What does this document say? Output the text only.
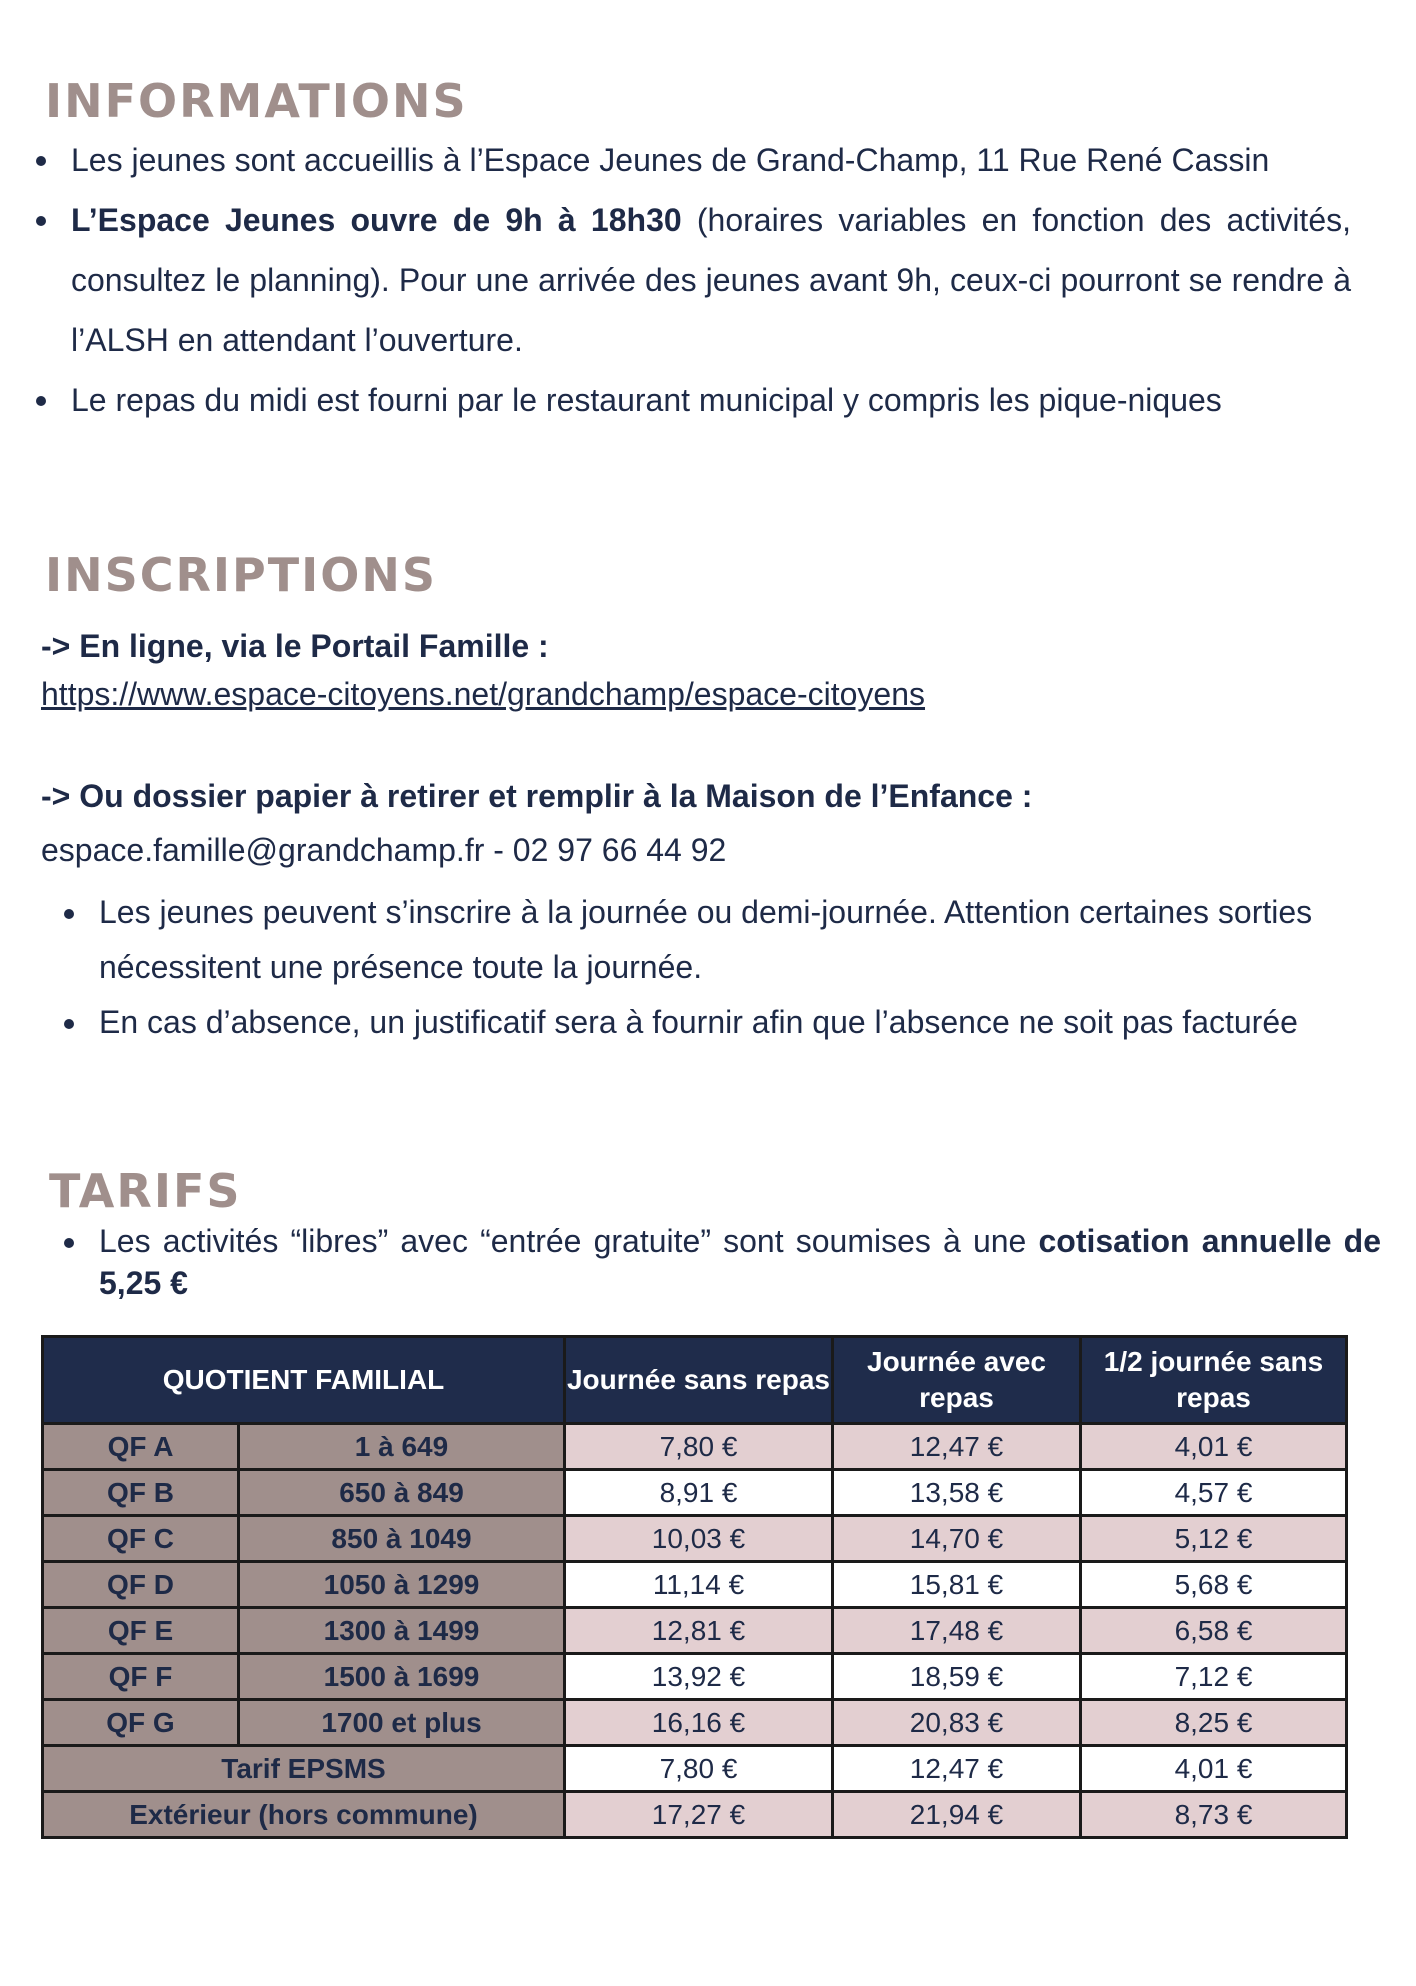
INFORMATIONS
Les jeunes sont accueillis à l’Espace Jeunes de Grand-Champ, 11 Rue René Cassin
L’Espace Jeunes ouvre de 9h à 18h30 (horaires variables en fonction des activités, consultez le planning). Pour une arrivée des jeunes avant 9h, ceux-ci pourront se rendre à l’ALSH en attendant l’ouverture.
Le repas du midi est fourni par le restaurant municipal y compris les pique-niques
INSCRIPTIONS
-> En ligne, via le Portail Famille :
https://www.espace-citoyens.net/grandchamp/espace-citoyens
-> Ou dossier papier à retirer et remplir à la Maison de l’Enfance :
espace.famille@grandchamp.fr - 02 97 66 44 92
Les jeunes peuvent s’inscrire à la journée ou demi-journée. Attention certaines sorties nécessitent une présence toute la journée.
En cas d’absence, un justificatif sera à fournir afin que l’absence ne soit pas facturée
TARIFS
Les activités “libres” avec “entrée gratuite” sont soumises à une cotisation annuelle de 5,25 €
QUOTIENT FAMILIAL		Journée sans repas	Journée avec repas	1/2 journée sans repas
QF A	1 à 649	7,80 €	12,47 €	4,01 €
QF B	650 à 849	8,91 €	13,58 €	4,57 €
QF C	850 à 1049	10,03 €	14,70 €	5,12 €
QF D	1050 à 1299	11,14 €	15,81 €	5,68 €
QF E	1300 à 1499	12,81 €	17,48 €	6,58 €
QF F	1500 à 1699	13,92 €	18,59 €	7,12 €
QF G	1700 et plus	16,16 €	20,83 €	8,25 €
Tarif EPSMS		7,80 €	12,47 €	4,01 €
Extérieur (hors commune)		17,27 €	21,94 €	8,73 €
